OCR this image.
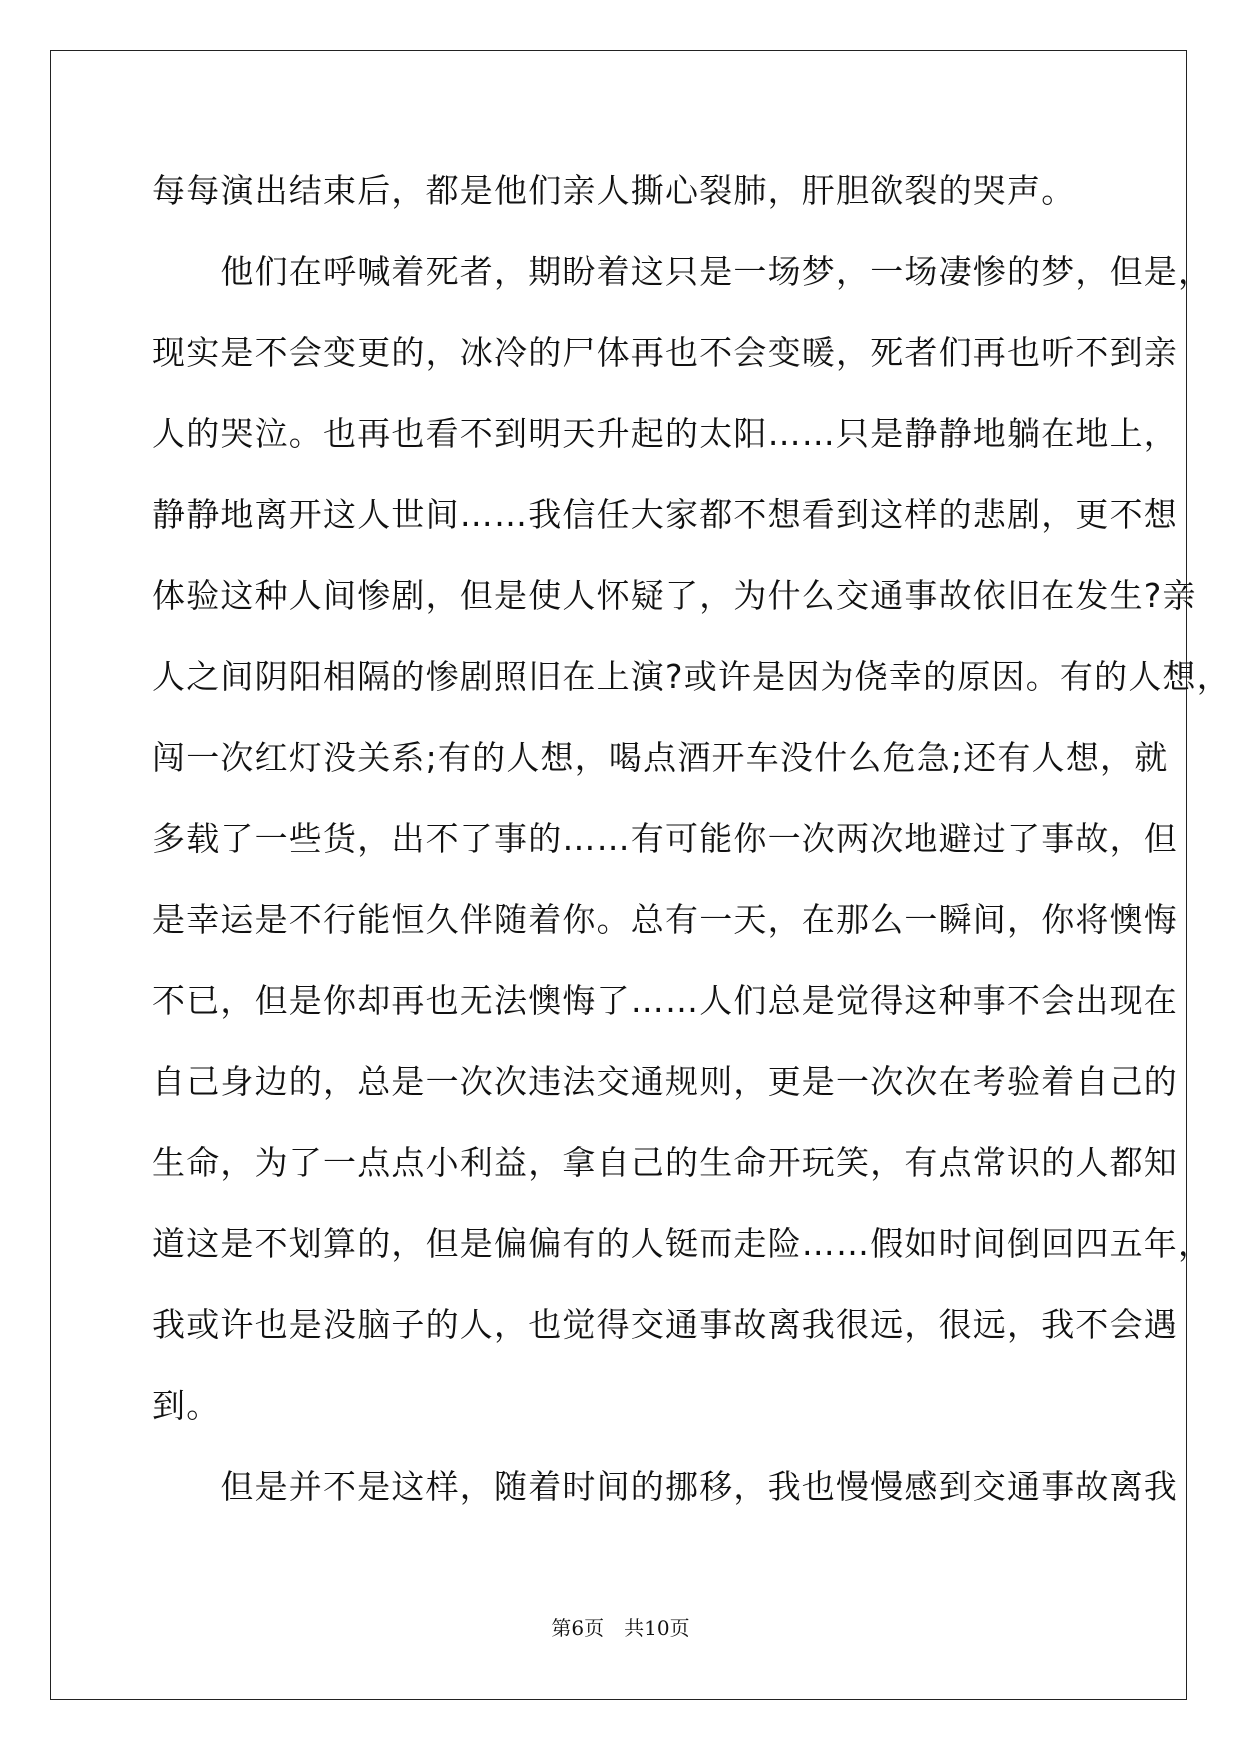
每每演出结束后，都是他们亲人撕心裂肺，肝胆欲裂的哭声。
　　他们在呼喊着死者，期盼着这只是一场梦，一场凄惨的梦，但是，
现实是不会变更的，冰冷的尸体再也不会变暖，死者们再也听不到亲
人的哭泣。也再也看不到明天升起的太阳……只是静静地躺在地上，
静静地离开这人世间……我信任大家都不想看到这样的悲剧，更不想
体验这种人间惨剧，但是使人怀疑了，为什么交通事故依旧在发生?亲
人之间阴阳相隔的惨剧照旧在上演?或许是因为侥幸的原因。有的人想，
闯一次红灯没关系;有的人想，喝点酒开车没什么危急;还有人想，就
多载了一些货，出不了事的……有可能你一次两次地避过了事故，但
是幸运是不行能恒久伴随着你。总有一天，在那么一瞬间，你将懊悔
不已，但是你却再也无法懊悔了……人们总是觉得这种事不会出现在
自己身边的，总是一次次违法交通规则，更是一次次在考验着自己的
生命，为了一点点小利益，拿自己的生命开玩笑，有点常识的人都知
道这是不划算的，但是偏偏有的人铤而走险……假如时间倒回四五年，
我或许也是没脑子的人，也觉得交通事故离我很远，很远，我不会遇
到。
　　但是并不是这样，随着时间的挪移，我也慢慢感到交通事故离我
第6页　共10页
